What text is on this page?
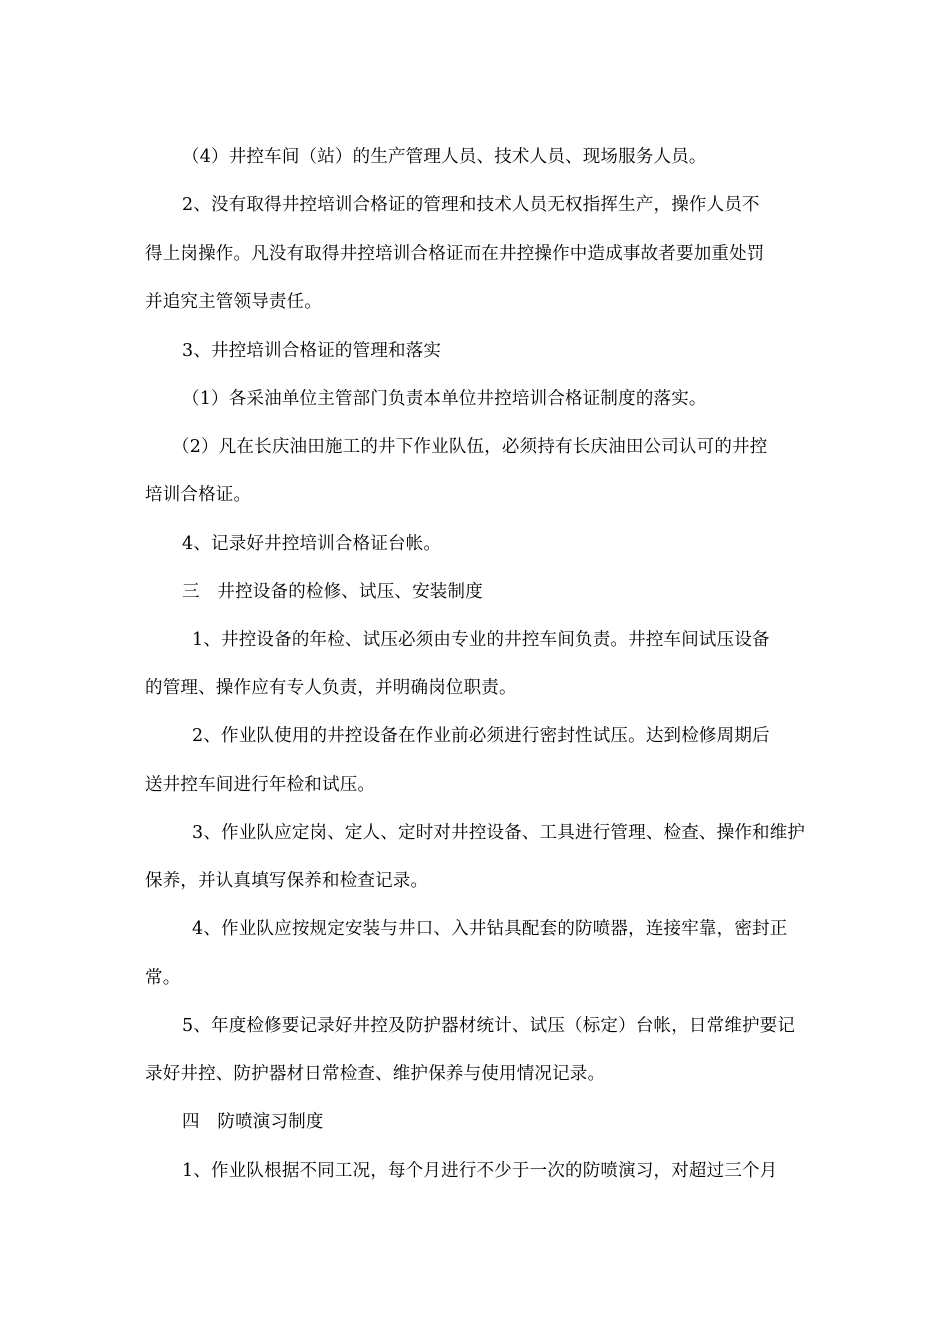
（4）井控车间（站）的生产管理人员、技术人员、现场服务人员。
2、没有取得井控培训合格证的管理和技术人员无权指挥生产，操作人员不
得上岗操作。凡没有取得井控培训合格证而在井控操作中造成事故者要加重处罚
并追究主管领导责任。
3、井控培训合格证的管理和落实
（1）各采油单位主管部门负责本单位井控培训合格证制度的落实。
（2）凡在长庆油田施工的井下作业队伍，必须持有长庆油田公司认可的井控
培训合格证。
4、记录好井控培训合格证台帐。
三　井控设备的检修、试压、安装制度
1、井控设备的年检、试压必须由专业的井控车间负责。井控车间试压设备
的管理、操作应有专人负责，并明确岗位职责。
2、作业队使用的井控设备在作业前必须进行密封性试压。达到检修周期后
送井控车间进行年检和试压。
3、作业队应定岗、定人、定时对井控设备、工具进行管理、检查、操作和维护
保养，并认真填写保养和检查记录。
4、作业队应按规定安装与井口、入井钻具配套的防喷器，连接牢靠，密封正
常。
5、年度检修要记录好井控及防护器材统计、试压（标定）台帐，日常维护要记
录好井控、防护器材日常检查、维护保养与使用情况记录。
四　防喷演习制度
1、作业队根据不同工况，每个月进行不少于一次的防喷演习，对超过三个月
